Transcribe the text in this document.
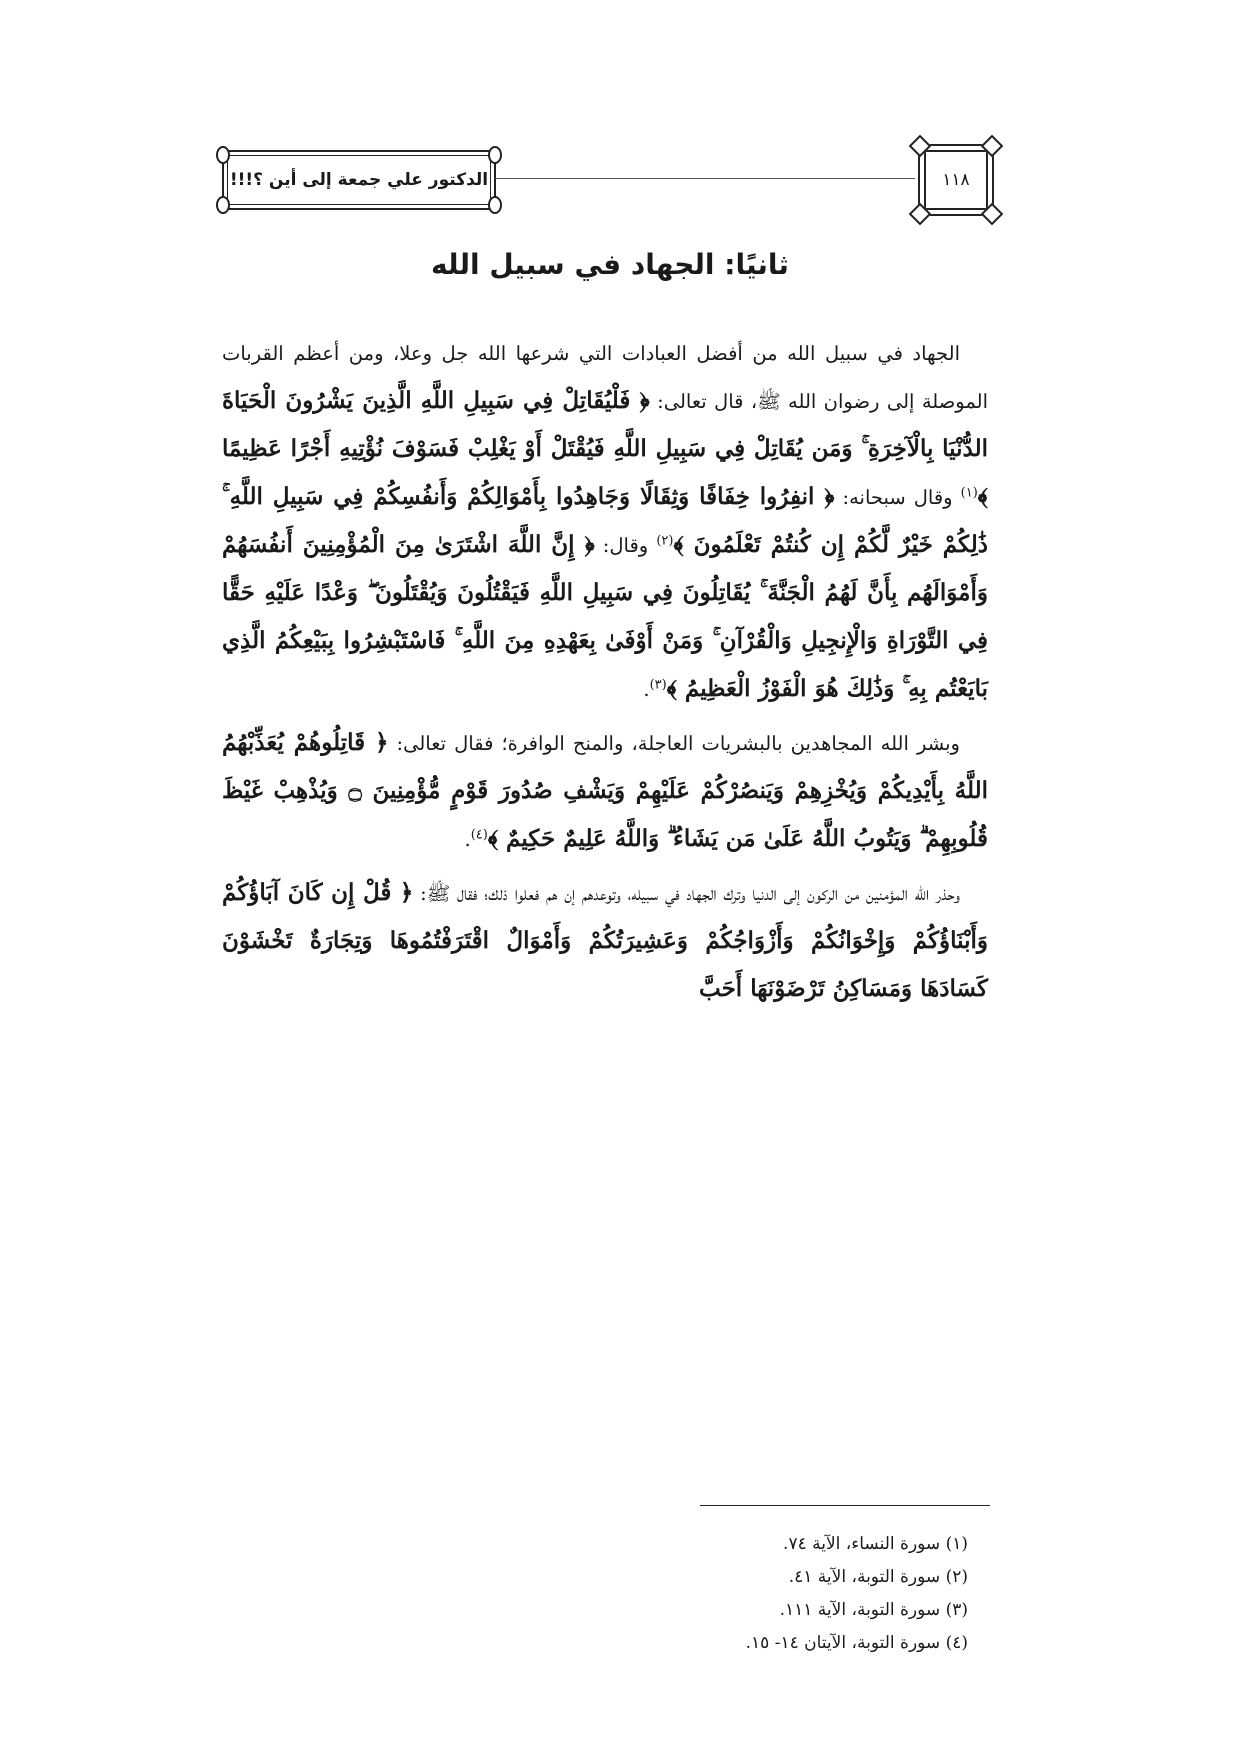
الدكتور علي جمعة إلى أين ؟!!!	١١٨
ثانيًا: الجهاد في سبيل الله

الجهاد في سبيل الله من أفضل العبادات التي شرعها الله جل وعلا، ومن أعظم القربات الموصلة إلى رضوان الله ﷺ، قال تعالى: ﴿ فَلْيُقَاتِلْ فِي سَبِيلِ اللَّهِ الَّذِينَ يَشْرُونَ الْحَيَاةَ الدُّنْيَا بِالْآخِرَةِ ۚ وَمَن يُقَاتِلْ فِي سَبِيلِ اللَّهِ فَيُقْتَلْ أَوْ يَغْلِبْ فَسَوْفَ نُؤْتِيهِ أَجْرًا عَظِيمًا ﴾$^{(١)}$ وقال سبحانه: ﴿ انفِرُوا خِفَافًا وَثِقَالًا وَجَاهِدُوا بِأَمْوَالِكُمْ وَأَنفُسِكُمْ فِي سَبِيلِ اللَّهِ ۚ ذَٰلِكُمْ خَيْرٌ لَّكُمْ إِن كُنتُمْ تَعْلَمُونَ ﴾$^{(٢)}$ وقال: ﴿ إِنَّ اللَّهَ اشْتَرَىٰ مِنَ الْمُؤْمِنِينَ أَنفُسَهُمْ وَأَمْوَالَهُم بِأَنَّ لَهُمُ الْجَنَّةَ ۚ يُقَاتِلُونَ فِي سَبِيلِ اللَّهِ فَيَقْتُلُونَ وَيُقْتَلُونَ ۖ وَعْدًا عَلَيْهِ حَقًّا فِي التَّوْرَاةِ وَالْإِنجِيلِ وَالْقُرْآنِ ۚ وَمَنْ أَوْفَىٰ بِعَهْدِهِ مِنَ اللَّهِ ۚ فَاسْتَبْشِرُوا بِبَيْعِكُمُ الَّذِي بَايَعْتُم بِهِ ۚ وَذَٰلِكَ هُوَ الْفَوْزُ الْعَظِيمُ ﴾$^{(٣)}$.

وبشر الله المجاهدين بالبشريات العاجلة، والمنح الوافرة؛ فقال تعالى: ﴿ قَاتِلُوهُمْ يُعَذِّبْهُمُ اللَّهُ بِأَيْدِيكُمْ وَيُخْزِهِمْ وَيَنصُرْكُمْ عَلَيْهِمْ وَيَشْفِ صُدُورَ قَوْمٍ مُّؤْمِنِينَ ۝ وَيُذْهِبْ غَيْظَ قُلُوبِهِمْ ۗ وَيَتُوبُ اللَّهُ عَلَىٰ مَن يَشَاءُ ۗ وَاللَّهُ عَلِيمٌ حَكِيمٌ ﴾$^{(٤)}$.

وحذر الله المؤمنين من الركون إلى الدنيا وترك الجهاد في سبيله، وتوعدهم إن هم فعلوا ذلك؛ فقال ﷺ: ﴿ قُلْ إِن كَانَ آبَاؤُكُمْ وَأَبْنَاؤُكُمْ وَإِخْوَانُكُمْ وَأَزْوَاجُكُمْ وَعَشِيرَتُكُمْ وَأَمْوَالٌ اقْتَرَفْتُمُوهَا وَتِجَارَةٌ تَخْشَوْنَ كَسَادَهَا وَمَسَاكِنُ تَرْضَوْنَهَا أَحَبَّ

(١) سورة النساء، الآية ٧٤.
(٢) سورة التوبة، الآية ٤١.
(٣) سورة التوبة، الآية ١١١.
(٤) سورة التوبة، الآيتان ١٤- ١٥.
